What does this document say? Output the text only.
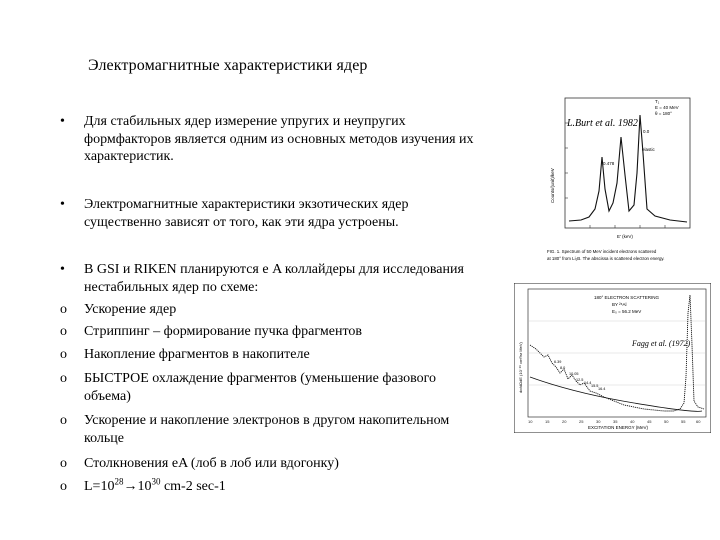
Электромагнитные характеристики ядер
• Для стабильных ядер измерение упругих и неупругих формфакторов является одним из основных методов изучения их характеристик.
• Электромагнитные характеристики экзотических ядер существенно зависят от того, как эти ядра устроены.
• В GSI и RIKEN планируются е A коллайдеры для исследования нестабильных ядер по схеме:
o Ускорение ядер
o Стриппинг – формирование пучка фрагментов
o Накопление фрагментов в накопителе
o БЫСТРОЕ охлаждение фрагментов (уменьшение фазового объема)
o Ускорение и накопление электронов в другом накопительном кольце
o Столкновения eA (лоб в лоб или вдогонку)
o $L=10^{28}\to 10^{30}$ cm-2 sec-1
L.Burt et al. 1982
T₁
E = 40 MeV
θ = 180°
0.478
elastic
0.0
Counts/(unit)/keV
E' (keV)
FIG. 1. Spectrum of 50 MeV incident electrons scattered
at 180° from Li₂B. The abscissa is scattered electron energy.
10	15	20	25	30	35	40	45	50	55	60
180° ELECTRON SCATTERING
BY ²⁶Al
E₀ = 56.2 MeV
Fagg et al. (1972)
6.39
8.0
10.05
12.5
14.4
15.5
16.4
dσ/dΩdE (10⁻²⁹ cm²/sr MeV)
EXCITATION ENERGY (MeV)
